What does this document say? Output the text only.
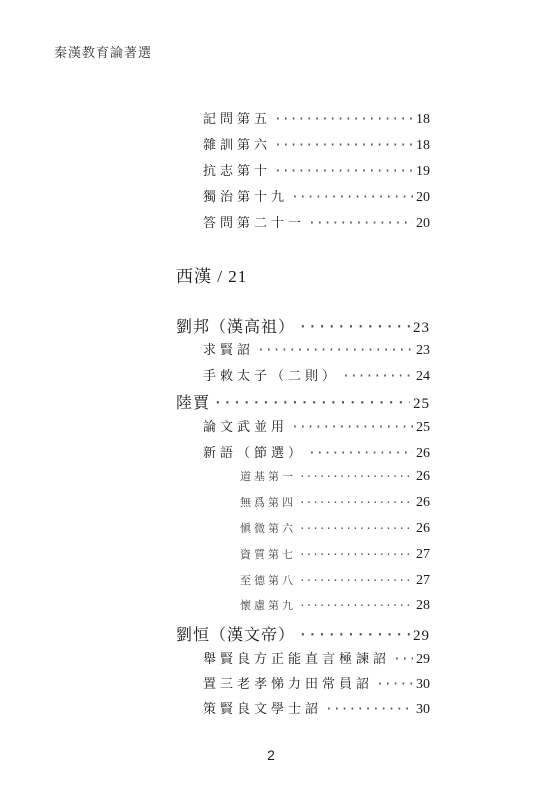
秦漢教育論著選
記問第五 ·····	18
雜訓第六 ·····	18
抗志第十 ·····	19
獨治第十九 ·····	20
答問第二十一 ·····	20
西漢 / 21
劉邦（漢高祖） ·····	23
求賢詔 ·····	23
手敕太子（二則） ·····	24
陸賈 ·····	25
論文武並用 ·····	25
新語（節選） ·····	26
道基第一 ·····	26
無爲第四 ·····	26
愼微第六 ·····	26
資質第七 ·····	27
至德第八 ·····	27
懷慮第九 ·····	28
劉恒（漢文帝） ·····	29
舉賢良方正能直言極諫詔 ····· 29
置三老孝悌力田常員詔 ·····	30
策賢良文學士詔 ·····	30
2
